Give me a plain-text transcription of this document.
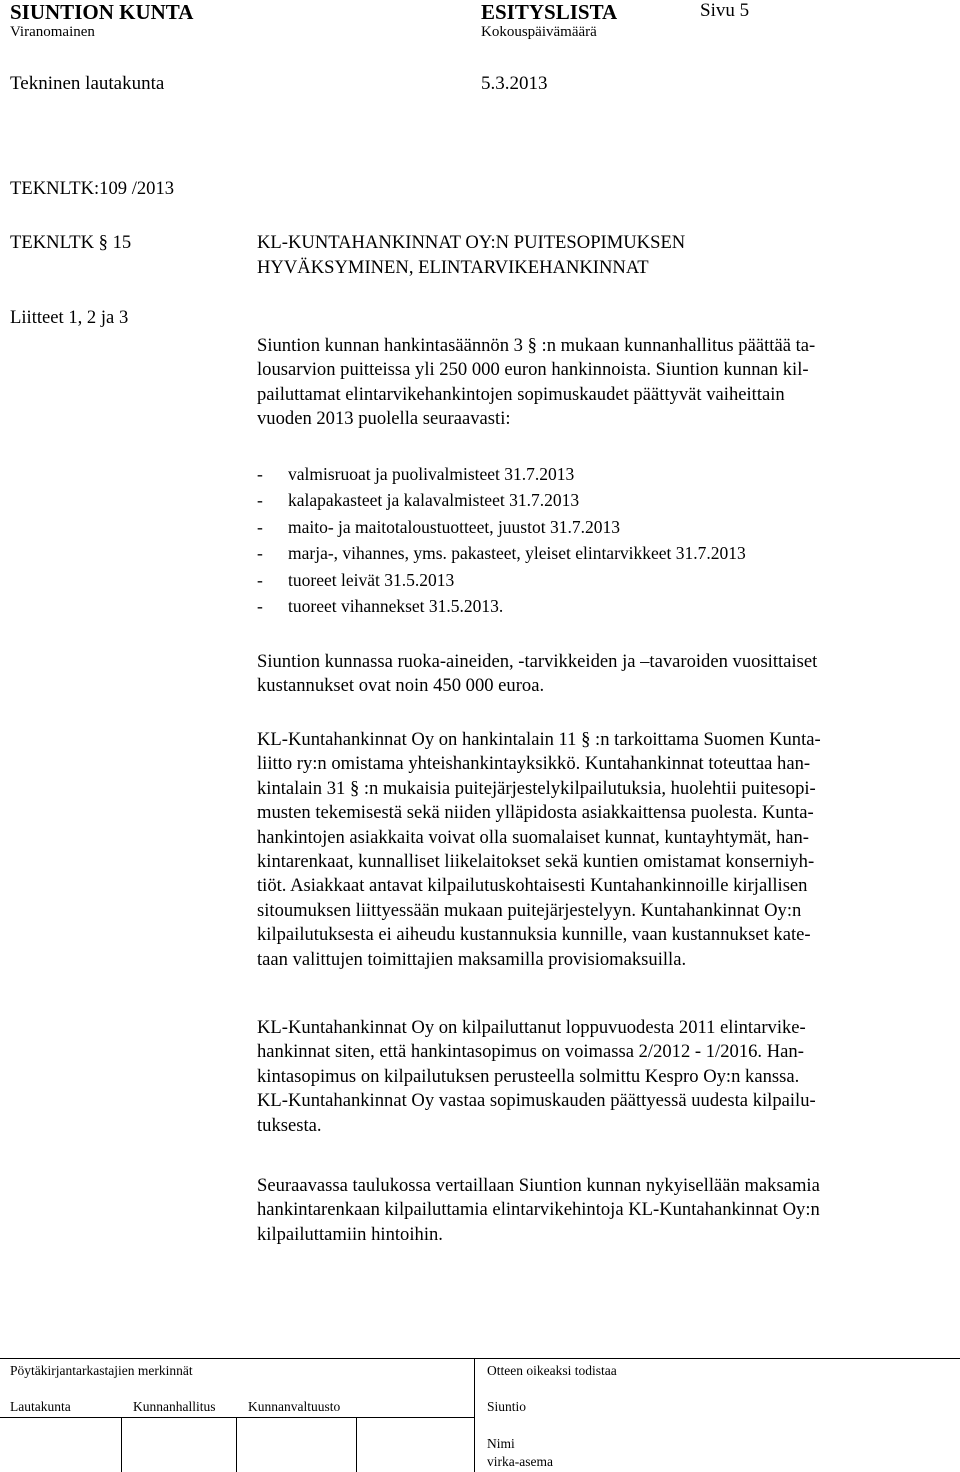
SIUNTION KUNTA	ESITYSLISTA	Sivu 5
Viranomainen	Kokouspäivämäärä
Tekninen lautakunta	5.3.2013
TEKNLTK:109 /2013
TEKNLTK § 15	KL-KUNTAHANKINNAT OY:N PUITESOPIMUKSEN
HYVÄKSYMINEN, ELINTARVIKEHANKINNAT
Liitteet 1, 2 ja 3
Siuntion kunnan hankintasäännön 3 § :n mukaan kunnanhallitus päättää ta-
lousarvion puitteissa yli 250 000 euron hankinnoista. Siuntion kunnan kil-
pailuttamat elintarvikehankintojen sopimuskaudet päättyvät vaiheittain
vuoden 2013 puolella seuraavasti:
- valmisruoat ja puolivalmisteet 31.7.2013
- kalapakasteet ja kalavalmisteet 31.7.2013
- maito- ja maitotaloustuotteet, juustot 31.7.2013
- marja-, vihannes, yms. pakasteet, yleiset elintarvikkeet 31.7.2013
- tuoreet leivät 31.5.2013
- tuoreet vihannekset 31.5.2013.
Siuntion kunnassa ruoka-aineiden, -tarvikkeiden ja –tavaroiden vuosittaiset
kustannukset ovat noin 450 000 euroa.
KL-Kuntahankinnat Oy on hankintalain 11 § :n tarkoittama Suomen Kunta-
liitto ry:n omistama yhteishankintayksikkö. Kuntahankinnat toteuttaa han-
kintalain 31 § :n mukaisia puitejärjestelykilpailutuksia, huolehtii puitesopi-
musten tekemisestä sekä niiden ylläpidosta asiakkaittensa puolesta. Kunta-
hankintojen asiakkaita voivat olla suomalaiset kunnat, kuntayhtymät, han-
kintarenkaat, kunnalliset liikelaitokset sekä kuntien omistamat konserniyh-
tiöt. Asiakkaat antavat kilpailutuskohtaisesti Kuntahankinnoille kirjallisen
sitoumuksen liittyessään mukaan puitejärjestelyyn. Kuntahankinnat Oy:n
kilpailutuksesta ei aiheudu kustannuksia kunnille, vaan kustannukset kate-
taan valittujen toimittajien maksamilla provisiomaksuilla.
KL-Kuntahankinnat Oy on kilpailuttanut loppuvuodesta 2011 elintarvike-
hankinnat siten, että hankintasopimus on voimassa 2/2012 - 1/2016. Han-
kintasopimus on kilpailutuksen perusteella solmittu Kespro Oy:n kanssa.
KL-Kuntahankinnat Oy vastaa sopimuskauden päättyessä uudesta kilpailu-
tuksesta.
Seuraavassa taulukossa vertaillaan Siuntion kunnan nykyisellään maksamia
hankintarenkaan kilpailuttamia elintarvikehintoja KL-Kuntahankinnat Oy:n
kilpailuttamiin hintoihin.
Pöytäkirjantarkastajien merkinnät	Otteen oikeaksi todistaa
Lautakunta	Kunnanhallitus Kunnanvaltuusto	Siuntio
Nimi
virka-asema
